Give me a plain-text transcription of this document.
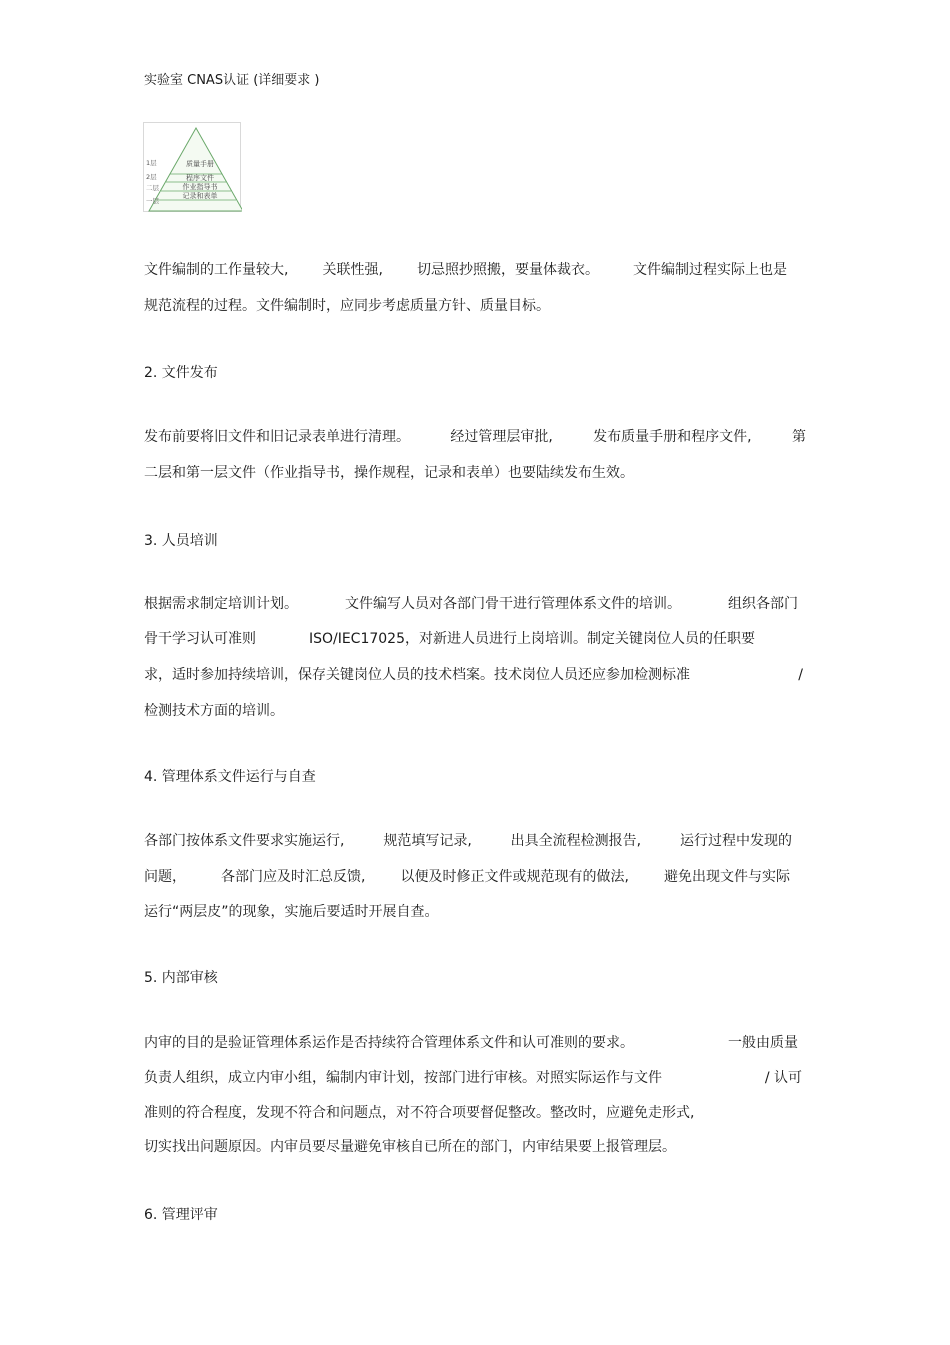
实验室 CNAS认证 (详细要求 )
质量手册
程序文件
作业指导书
记录和表单
1层
2层
二层
一层
文件编制的工作量较大, 关联性强, 切忌照抄照搬，要量体裁衣。 文件编制过程实际上也是
规范流程的过程。文件编制时，应同步考虑质量方针、质量目标。
2. 文件发布
发布前要将旧文件和旧记录表单进行清理。	经过管理层审批,	发布质量手册和程序文件,	第
二层和第一层文件（作业指导书，操作规程，记录和表单）也要陆续发布生效。
3. 人员培训
根据需求制定培训计划。	文件编写人员对各部门骨干进行管理体系文件的培训。	组织各部门
骨干学习认可准则	ISO/IEC17025，对新进人员进行上岗培训。制定关键岗位人员的任职要
求，适时参加持续培训，保存关键岗位人员的技术档案。技术岗位人员还应参加检测标准	/
检测技术方面的培训。
4. 管理体系文件运行与自查
各部门按体系文件要求实施运行,	规范填写记录,	出具全流程检测报告,	运行过程中发现的
问题，	各部门应及时汇总反馈,	以便及时修正文件或规范现有的做法,	避免出现文件与实际
运行“两层皮”的现象，实施后要适时开展自查。
5. 内部审核
内审的目的是验证管理体系运作是否持续符合管理体系文件和认可准则的要求。	一般由质量
负责人组织，成立内审小组，编制内审计划，按部门进行审核。对照实际运作与文件	/ 认可
准则的符合程度，发现不符合和问题点，对不符合项要督促整改。整改时，应避免走形式,
切实找出问题原因。内审员要尽量避免审核自已所在的部门，内审结果要上报管理层。
6. 管理评审
